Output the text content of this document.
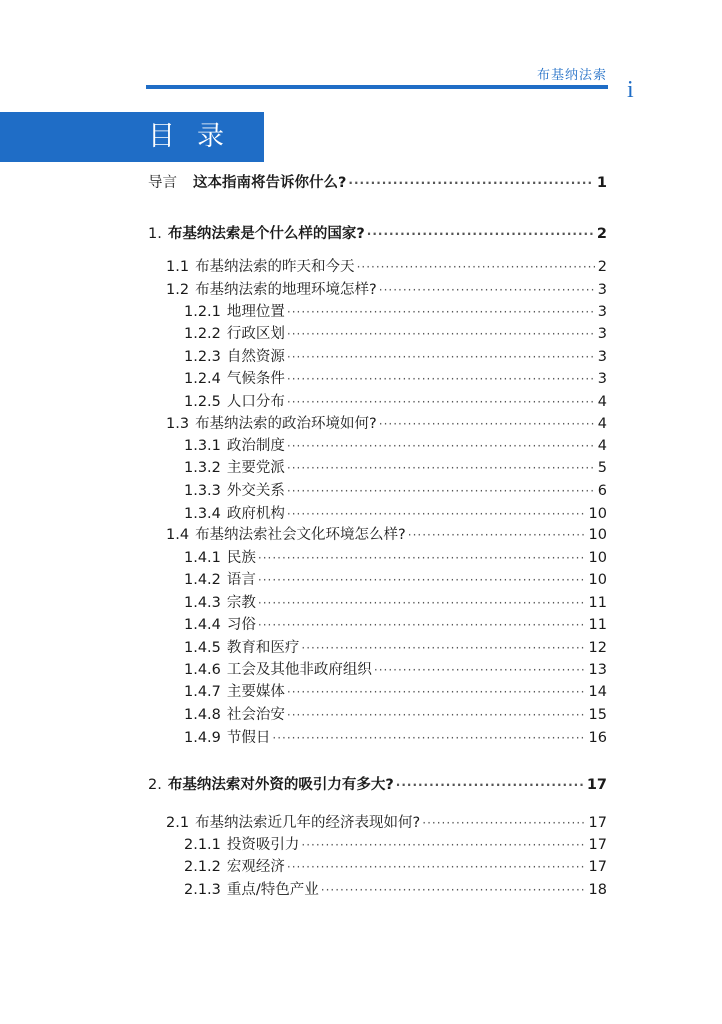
布基纳法索
i
目录
导言 这本指南将告诉你什么? ·····	1
1. 布基纳法索是个什么样的国家? ·····	2
1.1 布基纳法索的昨天和今天 ·····	2
1.2 布基纳法索的地理环境怎样? ·····	3
1.2.1 地理位置 ·····	3
1.2.2 行政区划 ·····	3
1.2.3 自然资源 ·····	3
1.2.4 气候条件 ·····	3
1.2.5 人口分布 ·····	4
1.3 布基纳法索的政治环境如何? ·····	4
1.3.1 政治制度 ·····	4
1.3.2 主要党派 ·····	5
1.3.3 外交关系 ·····	6
1.3.4 政府机构 ·····	10
1.4 布基纳法索社会文化环境怎么样? ·····	10
1.4.1 民族 ·····	10
1.4.2 语言 ·····	10
1.4.3 宗教 ·····	11
1.4.4 习俗 ·····	11
1.4.5 教育和医疗 ·····	12
1.4.6 工会及其他非政府组织 ·····	13
1.4.7 主要媒体 ·····	14
1.4.8 社会治安 ·····	15
1.4.9 节假日 ·····	16
2. 布基纳法索对外资的吸引力有多大? ·····	17
2.1 布基纳法索近几年的经济表现如何? ·····	17
2.1.1 投资吸引力 ·····	17
2.1.2 宏观经济 ·····	17
2.1.3 重点/特色产业 ·····	18
